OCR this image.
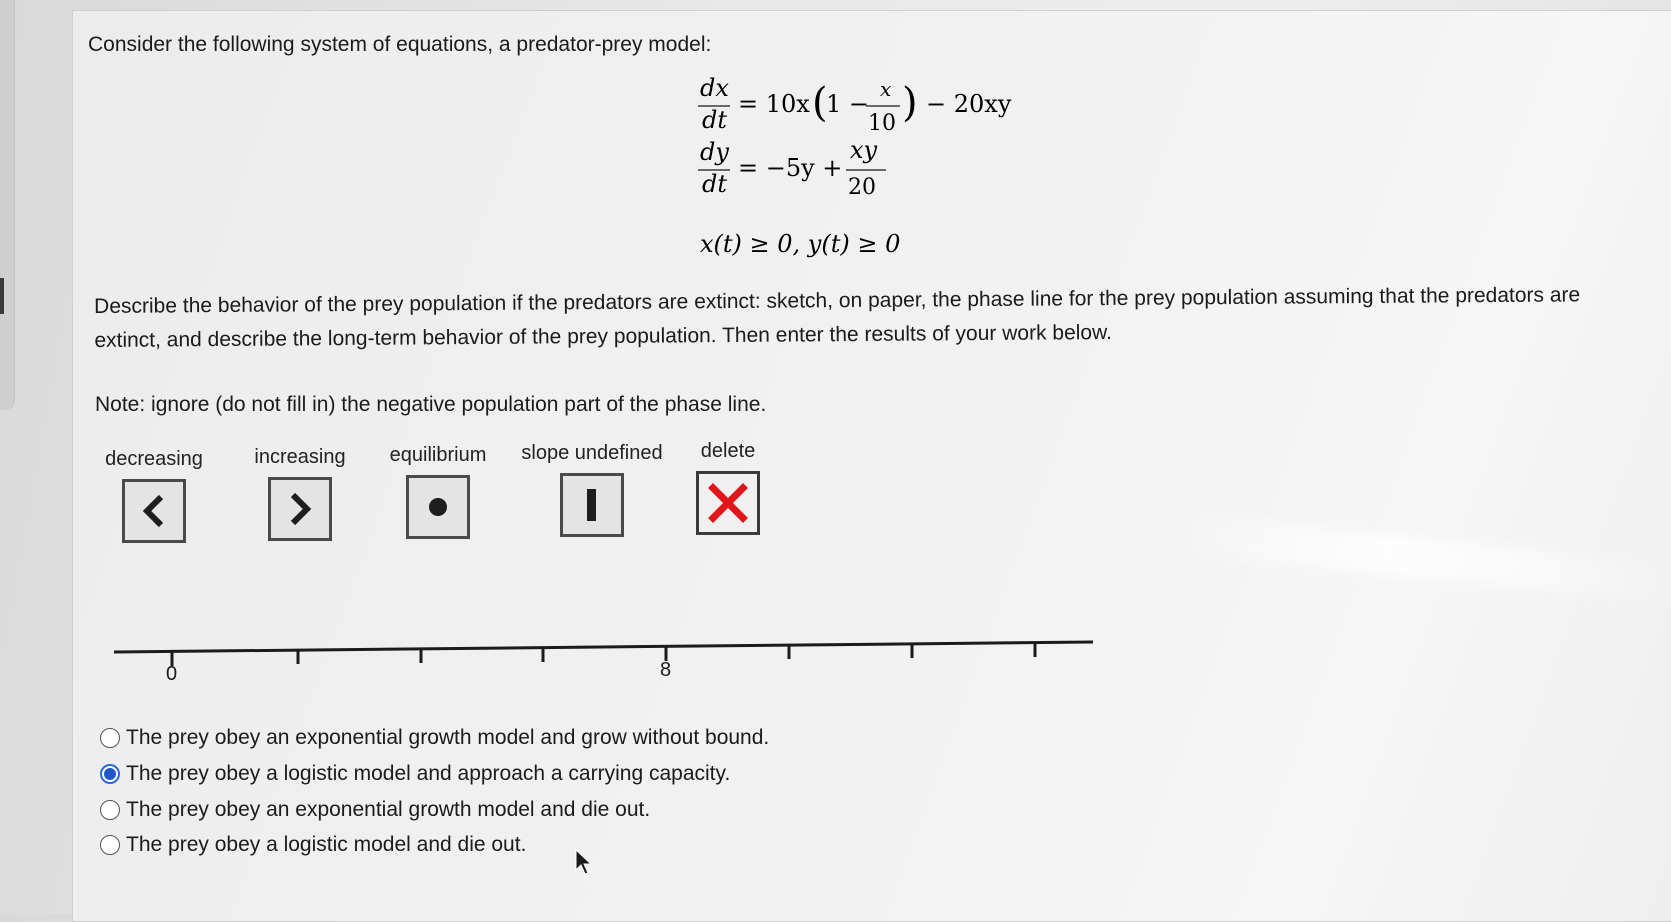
Consider the following system of equations, a predator-prey model:
dx
dt
= 10x (
1 −
x
10 ) − 20xy
dy
dt
= −5y +
xy
20
x(t) ≥ 0, y(t) ≥ 0
Describe the behavior of the prey population if the predators are extinct: sketch, on paper, the phase line for the prey population assuming that the predators are extinct, and describe the long-term behavior of the prey population. Then enter the results of your work below.
Note: ignore (do not fill in) the negative population part of the phase line.
decreasing	increasing	equilibrium	slope undefined	delete
0	8
The prey obey an exponential growth model and grow without bound.
The prey obey a logistic model and approach a carrying capacity.
The prey obey an exponential growth model and die out.
The prey obey a logistic model and die out.
